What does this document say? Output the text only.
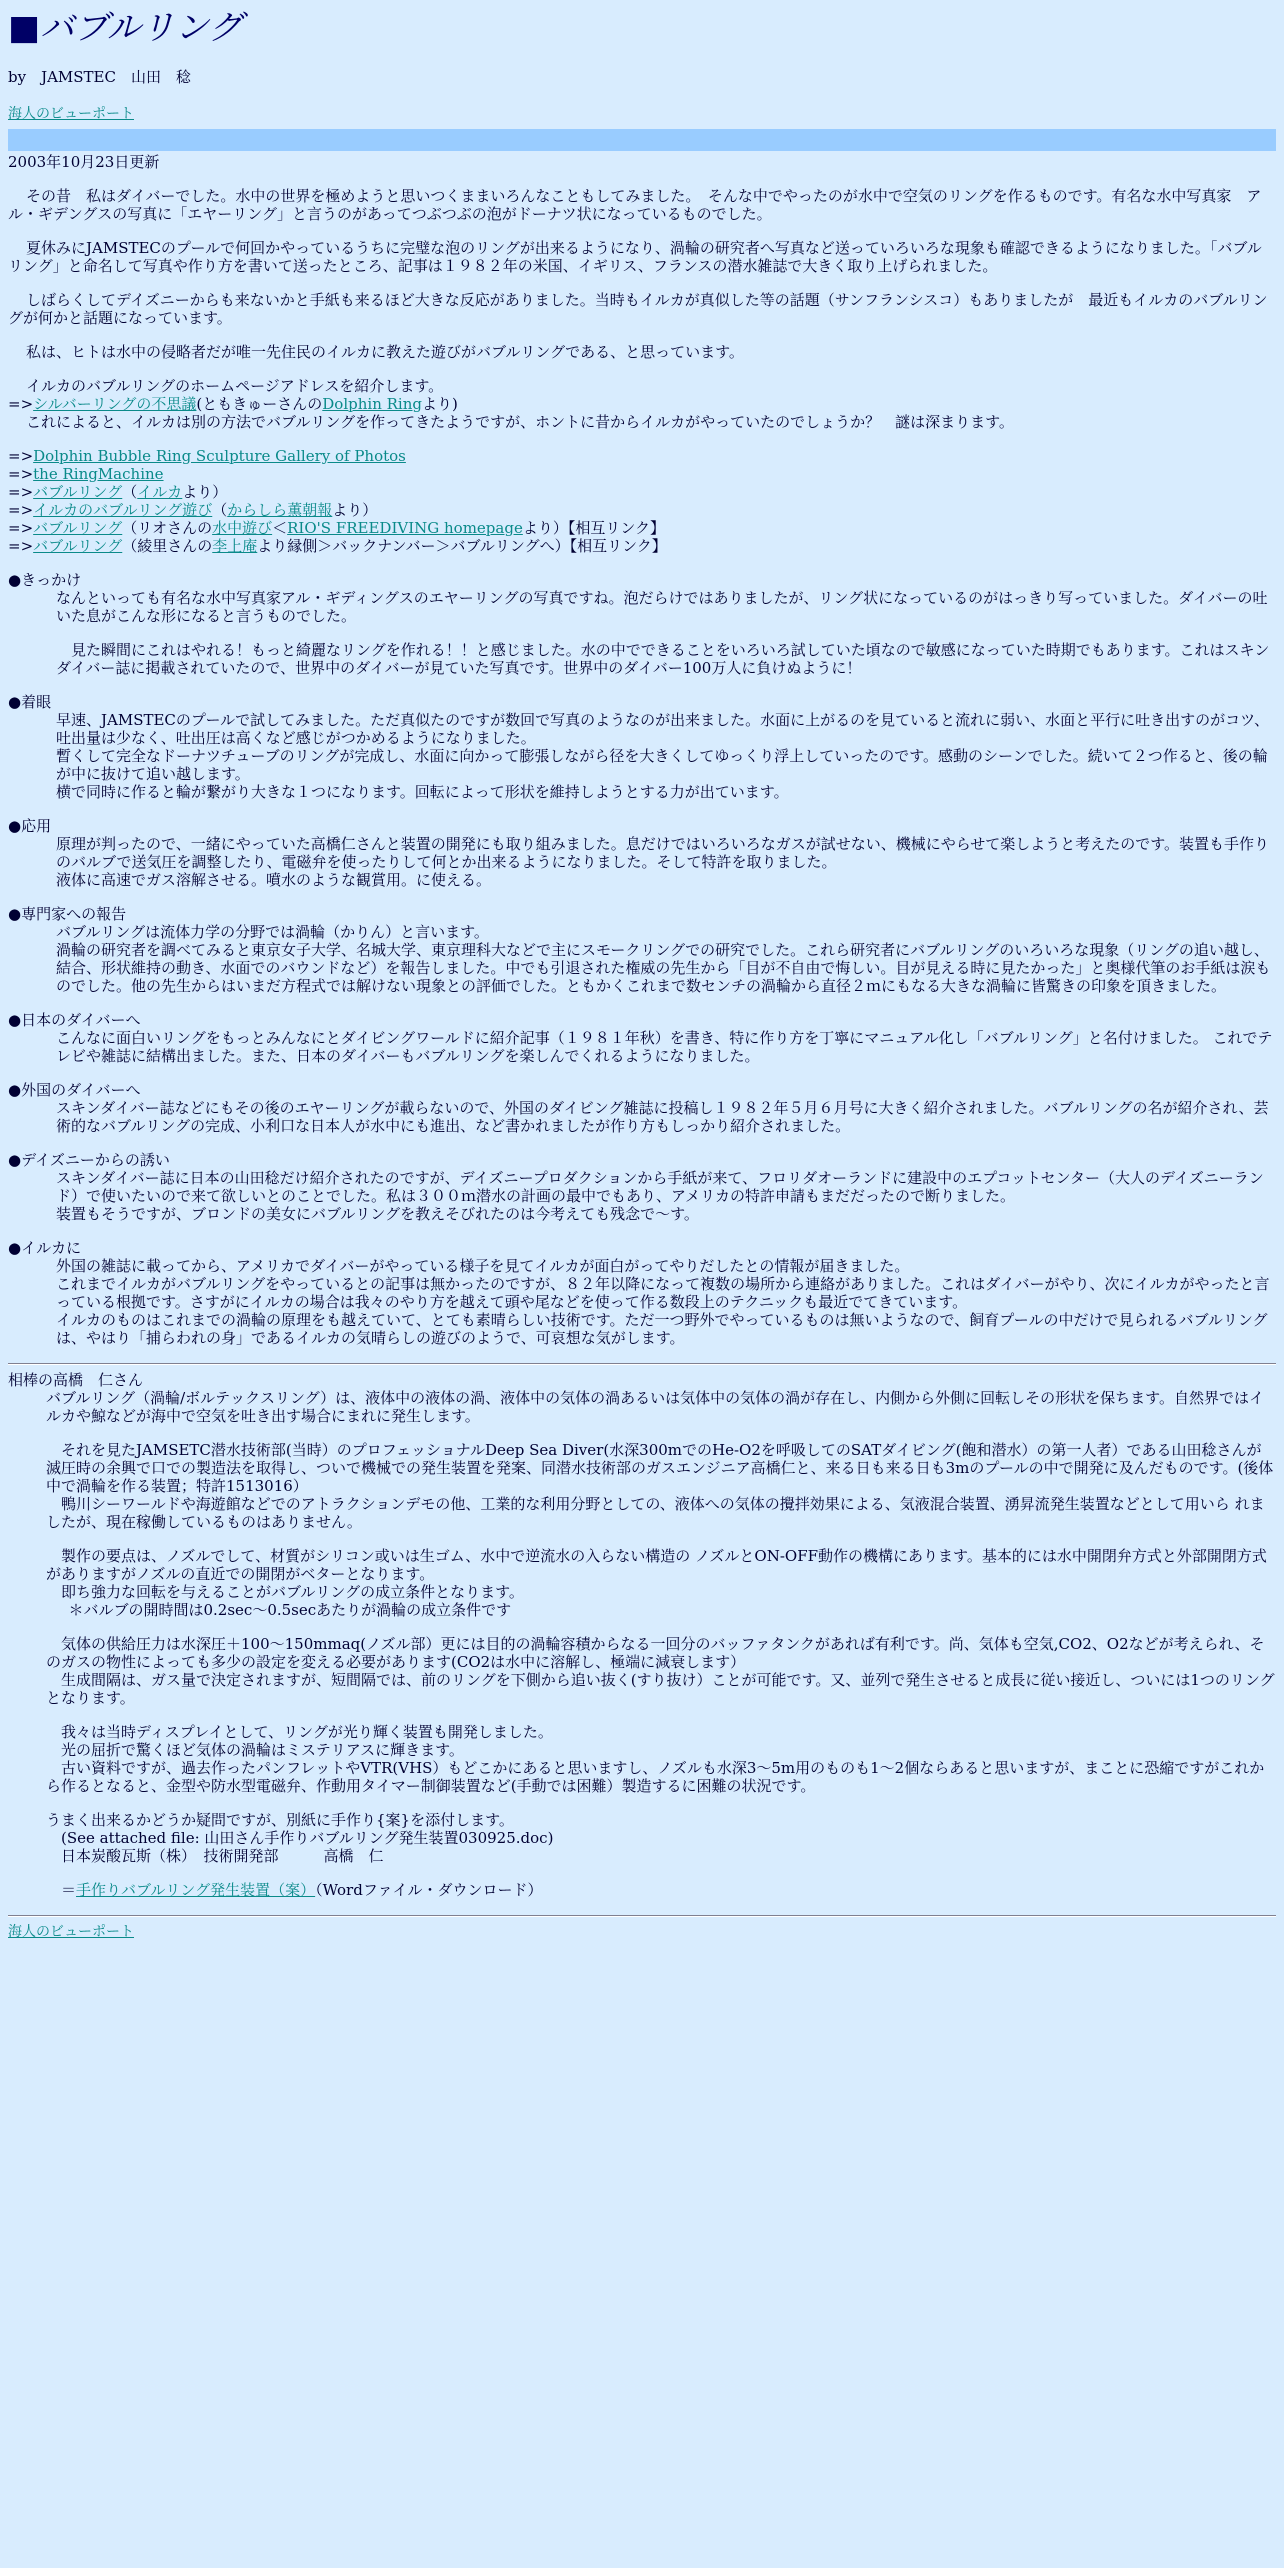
■バブルリング
by　JAMSTEC　山田　稔
海人のビューポート
2003年10月23日更新

その昔　私はダイバーでした。水中の世界を極めようと思いつくままいろんなこともしてみました。　そんな中でやったのが水中で空気のリングを作るものです。有名な水中写真家　アル・ギデングスの写真に「エヤーリング」と言うのがあってつぶつぶの泡がドーナツ状になっているものでした。

夏休みにJAMSTECのプールで何回かやっているうちに完璧な泡のリングが出来るようになり、渦輪の研究者へ写真など送っていろいろな現象も確認できるようになりました。「バブルリング」と命名して写真や作り方を書いて送ったところ、記事は１９８２年の米国、イギリス、フランスの潜水雑誌で大きく取り上げられました。

しばらくしてデイズニーからも来ないかと手紙も来るほど大きな反応がありました。当時もイルカが真似した等の話題（サンフランシスコ）もありましたが　最近もイルカのバブルリングが何かと話題になっています。

私は、ヒトは水中の侵略者だが唯一先住民のイルカに教えた遊びがバブルリングである、と思っています。

イルカのバブルリングのホームページアドレスを紹介します。
=>シルバーリングの不思議(ともきゅーさんのDolphin Ringより)
これによると、イルカは別の方法でバブルリングを作ってきたようですが、ホントに昔からイルカがやっていたのでしょうか？　謎は深まります。
=>Dolphin Bubble Ring Sculpture Gallery of Photos
=>the RingMachine
=>バブルリング（イルカより）
=>イルカのバブルリング遊び（からしら薫朝報より）
=>バブルリング（リオさんの水中遊び＜RIO'S FREEDIVING homepageより）【相互リンク】
=>バブルリング（綾里さんの李上庵より縁側＞バックナンバー＞バブルリングへ）【相互リンク】
●きっかけ

なんといっても有名な水中写真家アル・ギディングスのエヤーリングの写真ですね。泡だらけではありましたが、リング状になっているのがはっきり写っていました。ダイバーの吐いた息がこんな形になると言うものでした。

見た瞬間にこれはやれる！もっと綺麗なリングを作れる！！と感じました。水の中でできることをいろいろ試していた頃なので敏感になっていた時期でもあります。これはスキンダイバー誌に掲載されていたので、世界中のダイバーが見ていた写真です。世界中のダイバー100万人に負けぬように！

●着眼

早速、JAMSTECのプールで試してみました。ただ真似たのですが数回で写真のようなのが出来ました。水面に上がるのを見ていると流れに弱い、水面と平行に吐き出すのがコツ、吐出量は少なく、吐出圧は高くなど感じがつかめるようになりました。

暫くして完全なドーナツチューブのリングが完成し、水面に向かって膨張しながら径を大きくしてゆっくり浮上していったのです。感動のシーンでした。続いて２つ作ると、後の輪が中に抜けて追い越します。

横で同時に作ると輪が繋がり大きな１つになります。回転によって形状を維持しようとする力が出ています。

●応用

原理が判ったので、一緒にやっていた高橋仁さんと装置の開発にも取り組みました。息だけではいろいろなガスが試せない、機械にやらせて楽しようと考えたのです。装置も手作りのバルブで送気圧を調整したり、電磁弁を使ったりして何とか出来るようになりました。そして特許を取りました。

液体に高速でガス溶解させる。噴水のような観賞用。に使える。

●専門家への報告

バブルリングは流体力学の分野では渦輪（かりん）と言います。

渦輪の研究者を調べてみると東京女子大学、名城大学、東京理科大などで主にスモークリングでの研究でした。これら研究者にバブルリングのいろいろな現象（リングの追い越し、結合、形状維持の動き、水面でのバウンドなど）を報告しました。中でも引退された権威の先生から「目が不自由で悔しい。目が見える時に見たかった」と奥様代筆のお手紙は涙ものでした。他の先生からはいまだ方程式では解けない現象との評価でした。ともかくこれまで数センチの渦輪から直径２ｍにもなる大きな渦輪に皆驚きの印象を頂きました。

●日本のダイバーへ

こんなに面白いリングをもっとみんなにとダイビングワールドに紹介記事（１９８１年秋）を書き、特に作り方を丁寧にマニュアル化し「バブルリング」と名付けました。 これでテレビや雑誌に結構出ました。また、日本のダイバーもバブルリングを楽しんでくれるようになりました。

●外国のダイバーへ

スキンダイバー誌などにもその後のエヤーリングが載らないので、外国のダイビング雑誌に投稿し１９８２年５月６月号に大きく紹介されました。バブルリングの名が紹介され、芸術的なバブルリングの完成、小利口な日本人が水中にも進出、など書かれましたが作り方もしっかり紹介されました。

●デイズニーからの誘い

スキンダイバー誌に日本の山田稔だけ紹介されたのですが、デイズニープロダクションから手紙が来て、フロリダオーランドに建設中のエプコットセンター（大人のデイズニーランド）で使いたいので来て欲しいとのことでした。私は３００ｍ潜水の計画の最中でもあり、アメリカの特許申請もまだだったので断りました。

装置もそうですが、ブロンドの美女にバブルリングを教えそびれたのは今考えても残念で～す。

●イルカに

外国の雑誌に載ってから、アメリカでダイバーがやっている様子を見てイルカが面白がってやりだしたとの情報が届きました。

これまでイルカがバブルリングをやっているとの記事は無かったのですが、８２年以降になって複数の場所から連絡がありました。これはダイバーがやり、次にイルカがやったと言っている根拠です。さすがにイルカの場合は我々のやり方を越えて頭や尾などを使って作る数段上のテクニックも最近でてきています。

イルカのものはこれまでの渦輪の原理をも越えていて、とても素晴らしい技術です。ただ一つ野外でやっているものは無いようなので、飼育プールの中だけで見られるバブルリングは、やはり「捕らわれの身」であるイルカの気晴らしの遊びのようで、可哀想な気がします。

相棒の高橋　仁さん

バブルリング（渦輪/ボルテックスリング）は、液体中の液体の渦、液体中の気体の渦あるいは気体中の気体の渦が存在し、内側から外側に回転しその形状を保ちます。自然界ではイルカや鯨などが海中で空気を吐き出す場合にまれに発生します。

それを見たJAMSETC潜水技術部(当時）のプロフェッショナルDeep Sea Diver(水深300mでのHe-O2を呼吸してのSATダイビング(飽和潜水）の第一人者）である山田稔さんが滅圧時の余興で口での製造法を取得し、ついで機械での発生装置を発案、同潜水技術部のガスエンジニア高橋仁と、来る日も来る日も3mのプールの中で開発に及んだものです。(後体中で渦輪を作る装置；特許1513016）
鴨川シーワールドや海遊館などでのアトラクションデモの他、工業的な利用分野としての、液体への気体の攪拌効果による、気液混合装置、湧昇流発生装置などとして用いら れましたが、現在稼働しているものはありません。

製作の要点は、ノズルでして、材質がシリコン或いは生ゴム、水中で逆流水の入らない構造の ノズルとON-OFF動作の機構にあります。基本的には水中開閉弁方式と外部開閉方式がありますがノズルの直近での開閉がベターとなります。
即ち強力な回転を与えることがバブルリングの成立条件となります。
＊バルブの開時間は0.2sec～0.5secあたりが渦輪の成立条件です

気体の供給圧力は水深圧＋100～150mmaq(ノズル部）更には目的の渦輪容積からなる一回分のバッファタンクがあれば有利です。尚、気体も空気,CO2、O2などが考えられ、そのガスの物性によっても多少の設定を変える必要があります(CO2は水中に溶解し、極端に減衰します）
生成間隔は、ガス量で決定されますが、短間隔では、前のリングを下側から追い抜く(すり抜け）ことが可能です。又、並列で発生させると成長に従い接近し、ついには1つのリングとなります。

我々は当時ディスプレイとして、リングが光り輝く装置も開発しました。
光の屈折で驚くほど気体の渦輪はミステリアスに輝きます。
古い資料ですが、過去作ったパンフレットやVTR(VHS）もどこかにあると思いますし、ノズルも水深3～5m用のものも1～2個ならあると思いますが、まことに恐縮ですがこれから作るとなると、金型や防水型電磁弁、作動用タイマー制御装置など(手動では困難）製造するに困難の状況です。

うまく出来るかどうか疑問ですが、別紙に手作り{案}を添付します。
(See attached file: 山田さん手作りバブルリング発生装置030925.doc)
日本炭酸瓦斯（株）　技術開発部　　　高橋　仁

＝手作りバブルリング発生装置（案）（Wordファイル・ダウンロード）

海人のビューポート
